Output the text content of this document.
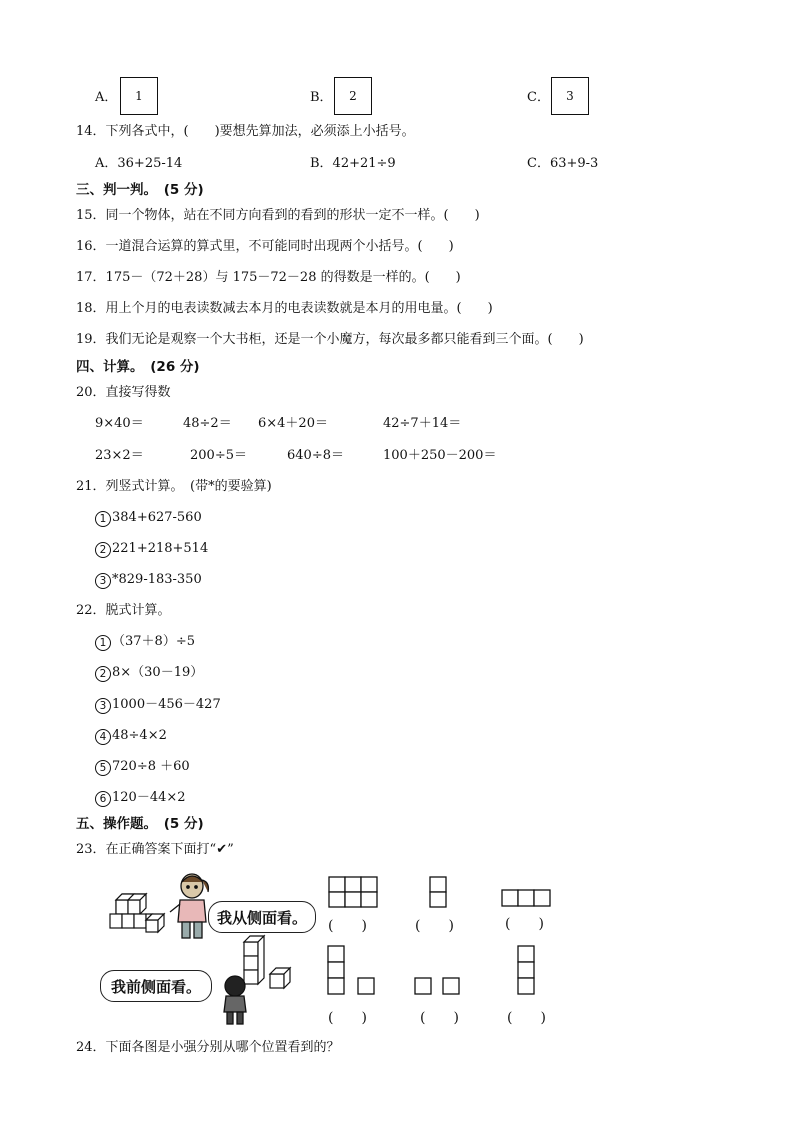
A．	1	B．	2	C．	3
14．下列各式中，(　　)要想先算加法，必须添上小括号。
A．36+25-14	B．42+21÷9	C．63+9-3
三、判一判。　(5 分)
15．同一个物体，站在不同方向看到的看到的形状一定不一样。(　　)
16．一道混合运算的算式里，不可能同时出现两个小括号。(　　)
17．175－（72＋28）与 175－72－28 的得数是一样的。(　　)
18．用上个月的电表读数减去本月的电表读数就是本月的用电量。(　　)
19．我们无论是观察一个大书柜，还是一个小魔方，每次最多都只能看到三个面。(　　)
四、计算。　(26 分)
20．直接写得数
9×40＝	48÷2＝ 6×4＋20＝	42÷7＋14＝
23×2＝	200÷5＝	640÷8＝	100＋250－200＝
21．列竖式计算。　(带*的要验算)
1 384+627-560
2 221+218+514
3 *829-183-350
22．脱式计算。
1 （37＋8）÷5
2 8×（30－19）
3 1000－456－427
4 48÷4×2
5 720÷8 ＋60
6 120－44×2
五、操作题。　(5 分)
23．在正确答案下面打“✔”
我从侧面看。
我前侧面看。
(　　)	(　　)	(　　)
(　　)	(　　)	(　　)
24．下面各图是小强分别从哪个位置看到的？
